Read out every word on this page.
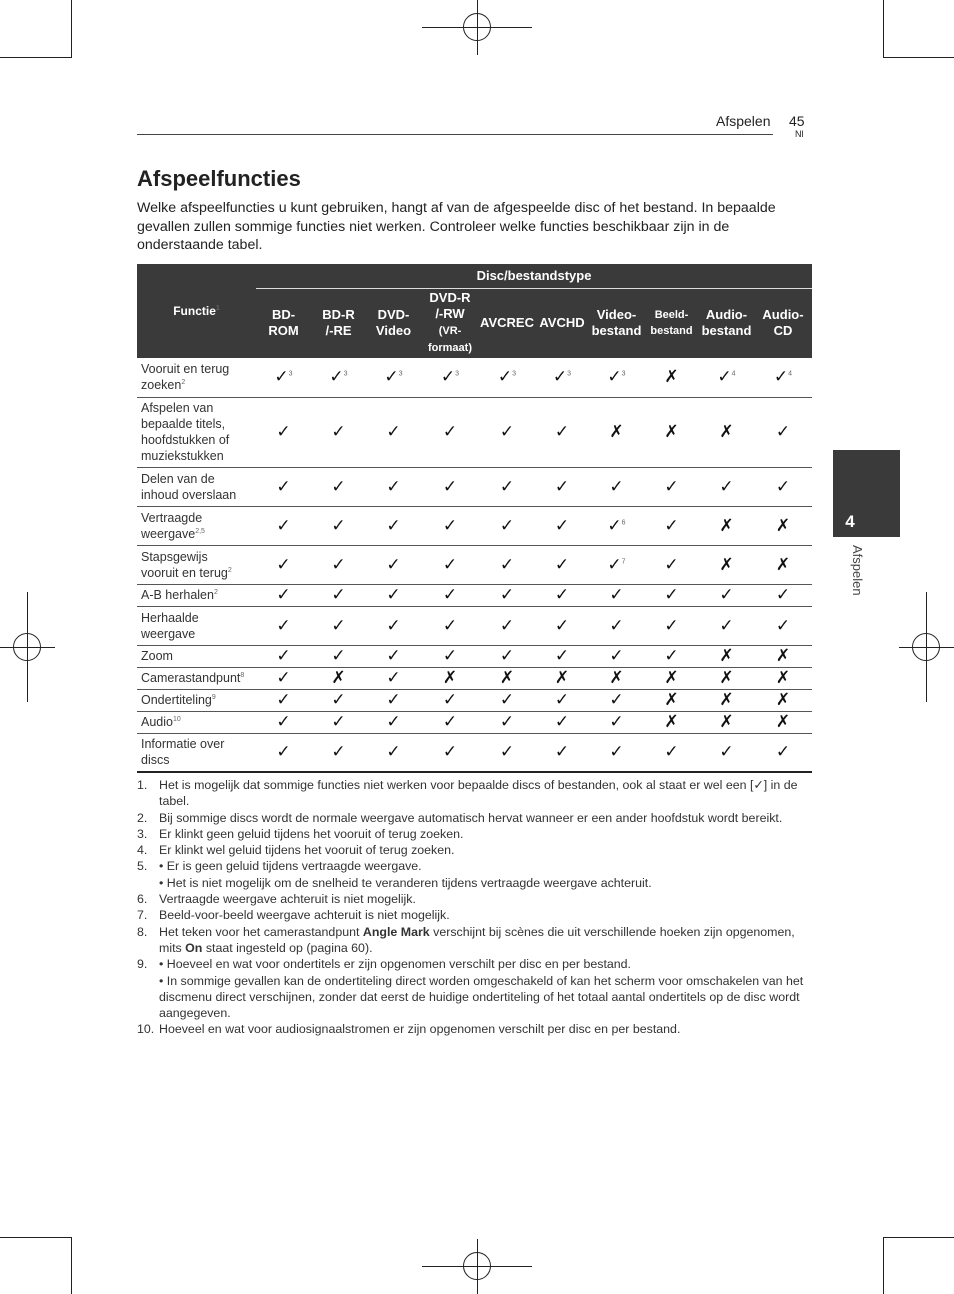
Afspelen 45
Nl
4
Afspelen
Afspeelfuncties

Welke afspeelfuncties u kunt gebruiken, hangt af van de afgespeelde disc of het bestand. In bepaalde gevallen zullen sommige functies niet werken. Controleer welke functies beschikbaar zijn in de onderstaande tabel.

Functie$^1$	Disc/bestandstype									
	BD-
ROM	BD-R
/-RE	DVD-
Video	DVD-R
/-RW
(VR-
formaat)	AVCREC	AVCHD	Video-
bestand	Beeld-
bestand	Audio-
bestand	Audio-
CD
Vooruit en terug
zoeken$^2$	✓$^3$	✓$^3$	✓$^3$	✓$^3$	✓$^3$	✓$^3$	✓$^3$	✗	✓$^4$	✓$^4$
Afspelen van
bepaalde titels,
hoofdstukken of
muziekstukken	✓	✓	✓	✓	✓	✓	✗	✗	✗	✓
Delen van de
inhoud overslaan	✓	✓	✓	✓	✓	✓	✓	✓	✓	✓
Vertraagde
weergave$^{2,5}$	✓	✓	✓	✓	✓	✓	✓$^6$	✓	✗	✗
Stapsgewijs
vooruit en terug$^2$	✓	✓	✓	✓	✓	✓	✓$^7$	✓	✗	✗
A-B herhalen$^2$	✓	✓	✓	✓	✓	✓	✓	✓	✓	✓
Herhaalde
weergave	✓	✓	✓	✓	✓	✓	✓	✓	✓	✓
Zoom	✓	✓	✓	✓	✓	✓	✓	✓	✗	✗
Camerastandpunt$^8$	✓	✗	✓	✗	✗	✗	✗	✗	✗	✗
Ondertiteling$^9$	✓	✓	✓	✓	✓	✓	✓	✗	✗	✗
Audio$^{10}$	✓	✓	✓	✓	✓	✓	✓	✗	✗	✗
Informatie over
discs	✓	✓	✓	✓	✓	✓	✓	✓	✓	✓
1. Het is mogelijk dat sommige functies niet werken voor bepaalde discs of bestanden, ook al staat er wel een [✓] in de tabel.
2. Bij sommige discs wordt de normale weergave automatisch hervat wanneer er een ander hoofdstuk wordt bereikt.
3. Er klinkt geen geluid tijdens het vooruit of terug zoeken.
4. Er klinkt wel geluid tijdens het vooruit of terug zoeken.
5. • Er is geen geluid tijdens vertraagde weergave.
• Het is niet mogelijk om de snelheid te veranderen tijdens vertraagde weergave achteruit.
6. Vertraagde weergave achteruit is niet mogelijk.
7. Beeld-voor-beeld weergave achteruit is niet mogelijk.
8. Het teken voor het camerastandpunt Angle Mark verschijnt bij scènes die uit verschillende hoeken zijn opgenomen, mits On staat ingesteld op (pagina 60).
9. • Hoeveel en wat voor ondertitels er zijn opgenomen verschilt per disc en per bestand.
• In sommige gevallen kan de ondertiteling direct worden omgeschakeld of kan het scherm voor omschakelen van het discmenu direct verschijnen, zonder dat eerst de huidige ondertiteling of het totaal aantal ondertitels op de disc wordt aangegeven.
10. Hoeveel en wat voor audiosignaalstromen er zijn opgenomen verschilt per disc en per bestand.
